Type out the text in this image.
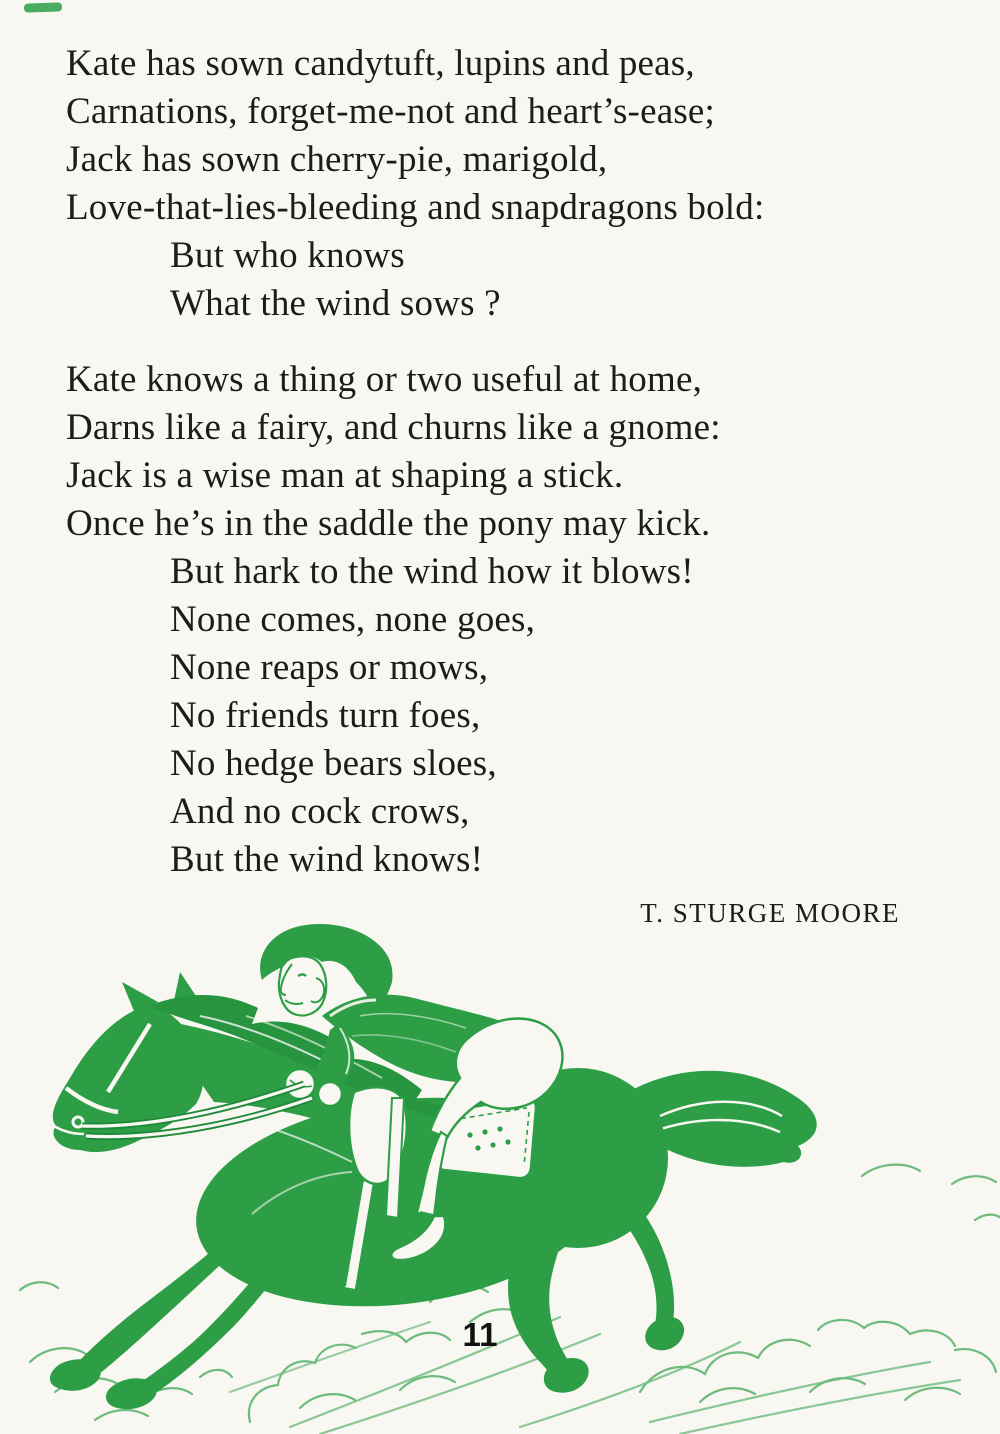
Kate has sown candytuft, lupins and peas,

Carnations, forget-me-not and heart’s-ease;

Jack has sown cherry-pie, marigold,

Love-that-lies-bleeding and snapdragons bold:

But who knows

What the wind sows ?

Kate knows a thing or two useful at home,

Darns like a fairy, and churns like a gnome:

Jack is a wise man at shaping a stick.

Once he’s in the saddle the pony may kick.

But hark to the wind how it blows!

None comes, none goes,

None reaps or mows,

No friends turn foes,

No hedge bears sloes,

And no cock crows,

But the wind knows!

T. STURGE MOORE
11
